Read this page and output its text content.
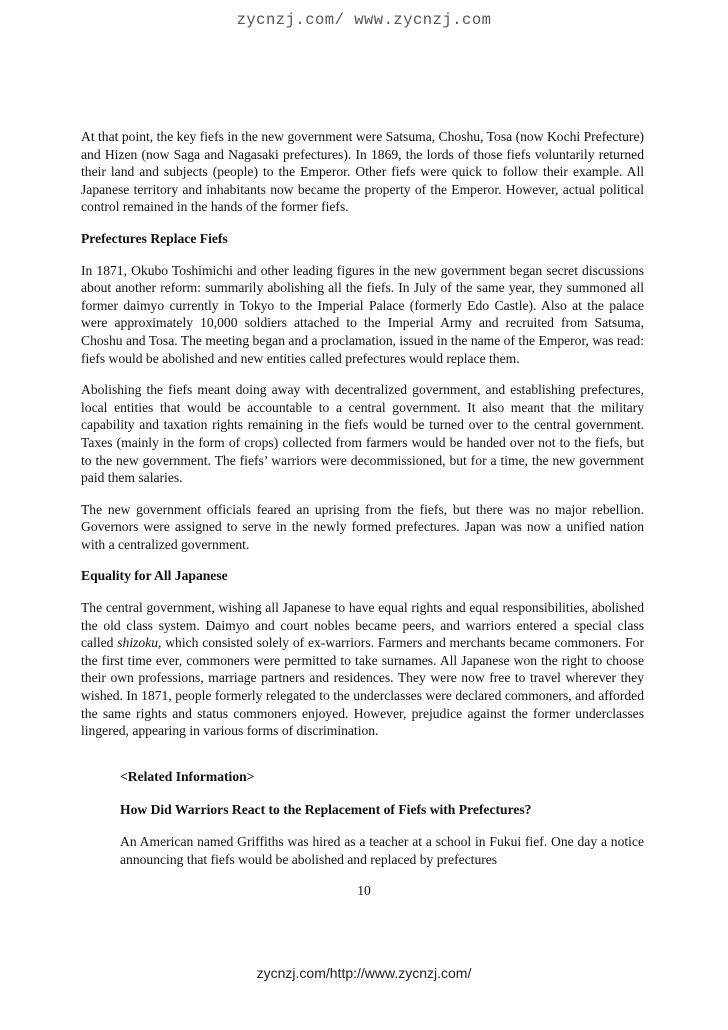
zycnzj.com/ www.zycnzj.com

At that point, the key fiefs in the new government were Satsuma, Choshu, Tosa (now Kochi Prefecture) and Hizen (now Saga and Nagasaki prefectures). In 1869, the lords of those fiefs voluntarily returned their land and subjects (people) to the Emperor. Other fiefs were quick to follow their example. All Japanese territory and inhabitants now became the property of the Emperor. However, actual political control remained in the hands of the former fiefs.

Prefectures Replace Fiefs

In 1871, Okubo Toshimichi and other leading figures in the new government began secret discussions about another reform: summarily abolishing all the fiefs. In July of the same year, they summoned all former daimyo currently in Tokyo to the Imperial Palace (formerly Edo Castle). Also at the palace were approximately 10,000 soldiers attached to the Imperial Army and recruited from Satsuma, Choshu and Tosa. The meeting began and a proclamation, issued in the name of the Emperor, was read: fiefs would be abolished and new entities called prefectures would replace them.

Abolishing the fiefs meant doing away with decentralized government, and establishing prefectures, local entities that would be accountable to a central government. It also meant that the military capability and taxation rights remaining in the fiefs would be turned over to the central government. Taxes (mainly in the form of crops) collected from farmers would be handed over not to the fiefs, but to the new government. The fiefs’ warriors were decommissioned, but for a time, the new government paid them salaries.

The new government officials feared an uprising from the fiefs, but there was no major rebellion. Governors were assigned to serve in the newly formed prefectures. Japan was now a unified nation with a centralized government.

Equality for All Japanese

The central government, wishing all Japanese to have equal rights and equal responsibilities, abolished the old class system. Daimyo and court nobles became peers, and warriors entered a special class called shizoku, which consisted solely of ex-warriors. Farmers and merchants became commoners. For the first time ever, commoners were permitted to take surnames. All Japanese won the right to choose their own professions, marriage partners and residences. They were now free to travel wherever they wished. In 1871, people formerly relegated to the underclasses were declared commoners, and afforded the same rights and status commoners enjoyed. However, prejudice against the former underclasses lingered, appearing in various forms of discrimination.

<Related Information>

How Did Warriors React to the Replacement of Fiefs with Prefectures?

An American named Griffiths was hired as a teacher at a school in Fukui fief. One day a notice announcing that fiefs would be abolished and replaced by prefectures

10
zycnzj.com/http://www.zycnzj.com/
